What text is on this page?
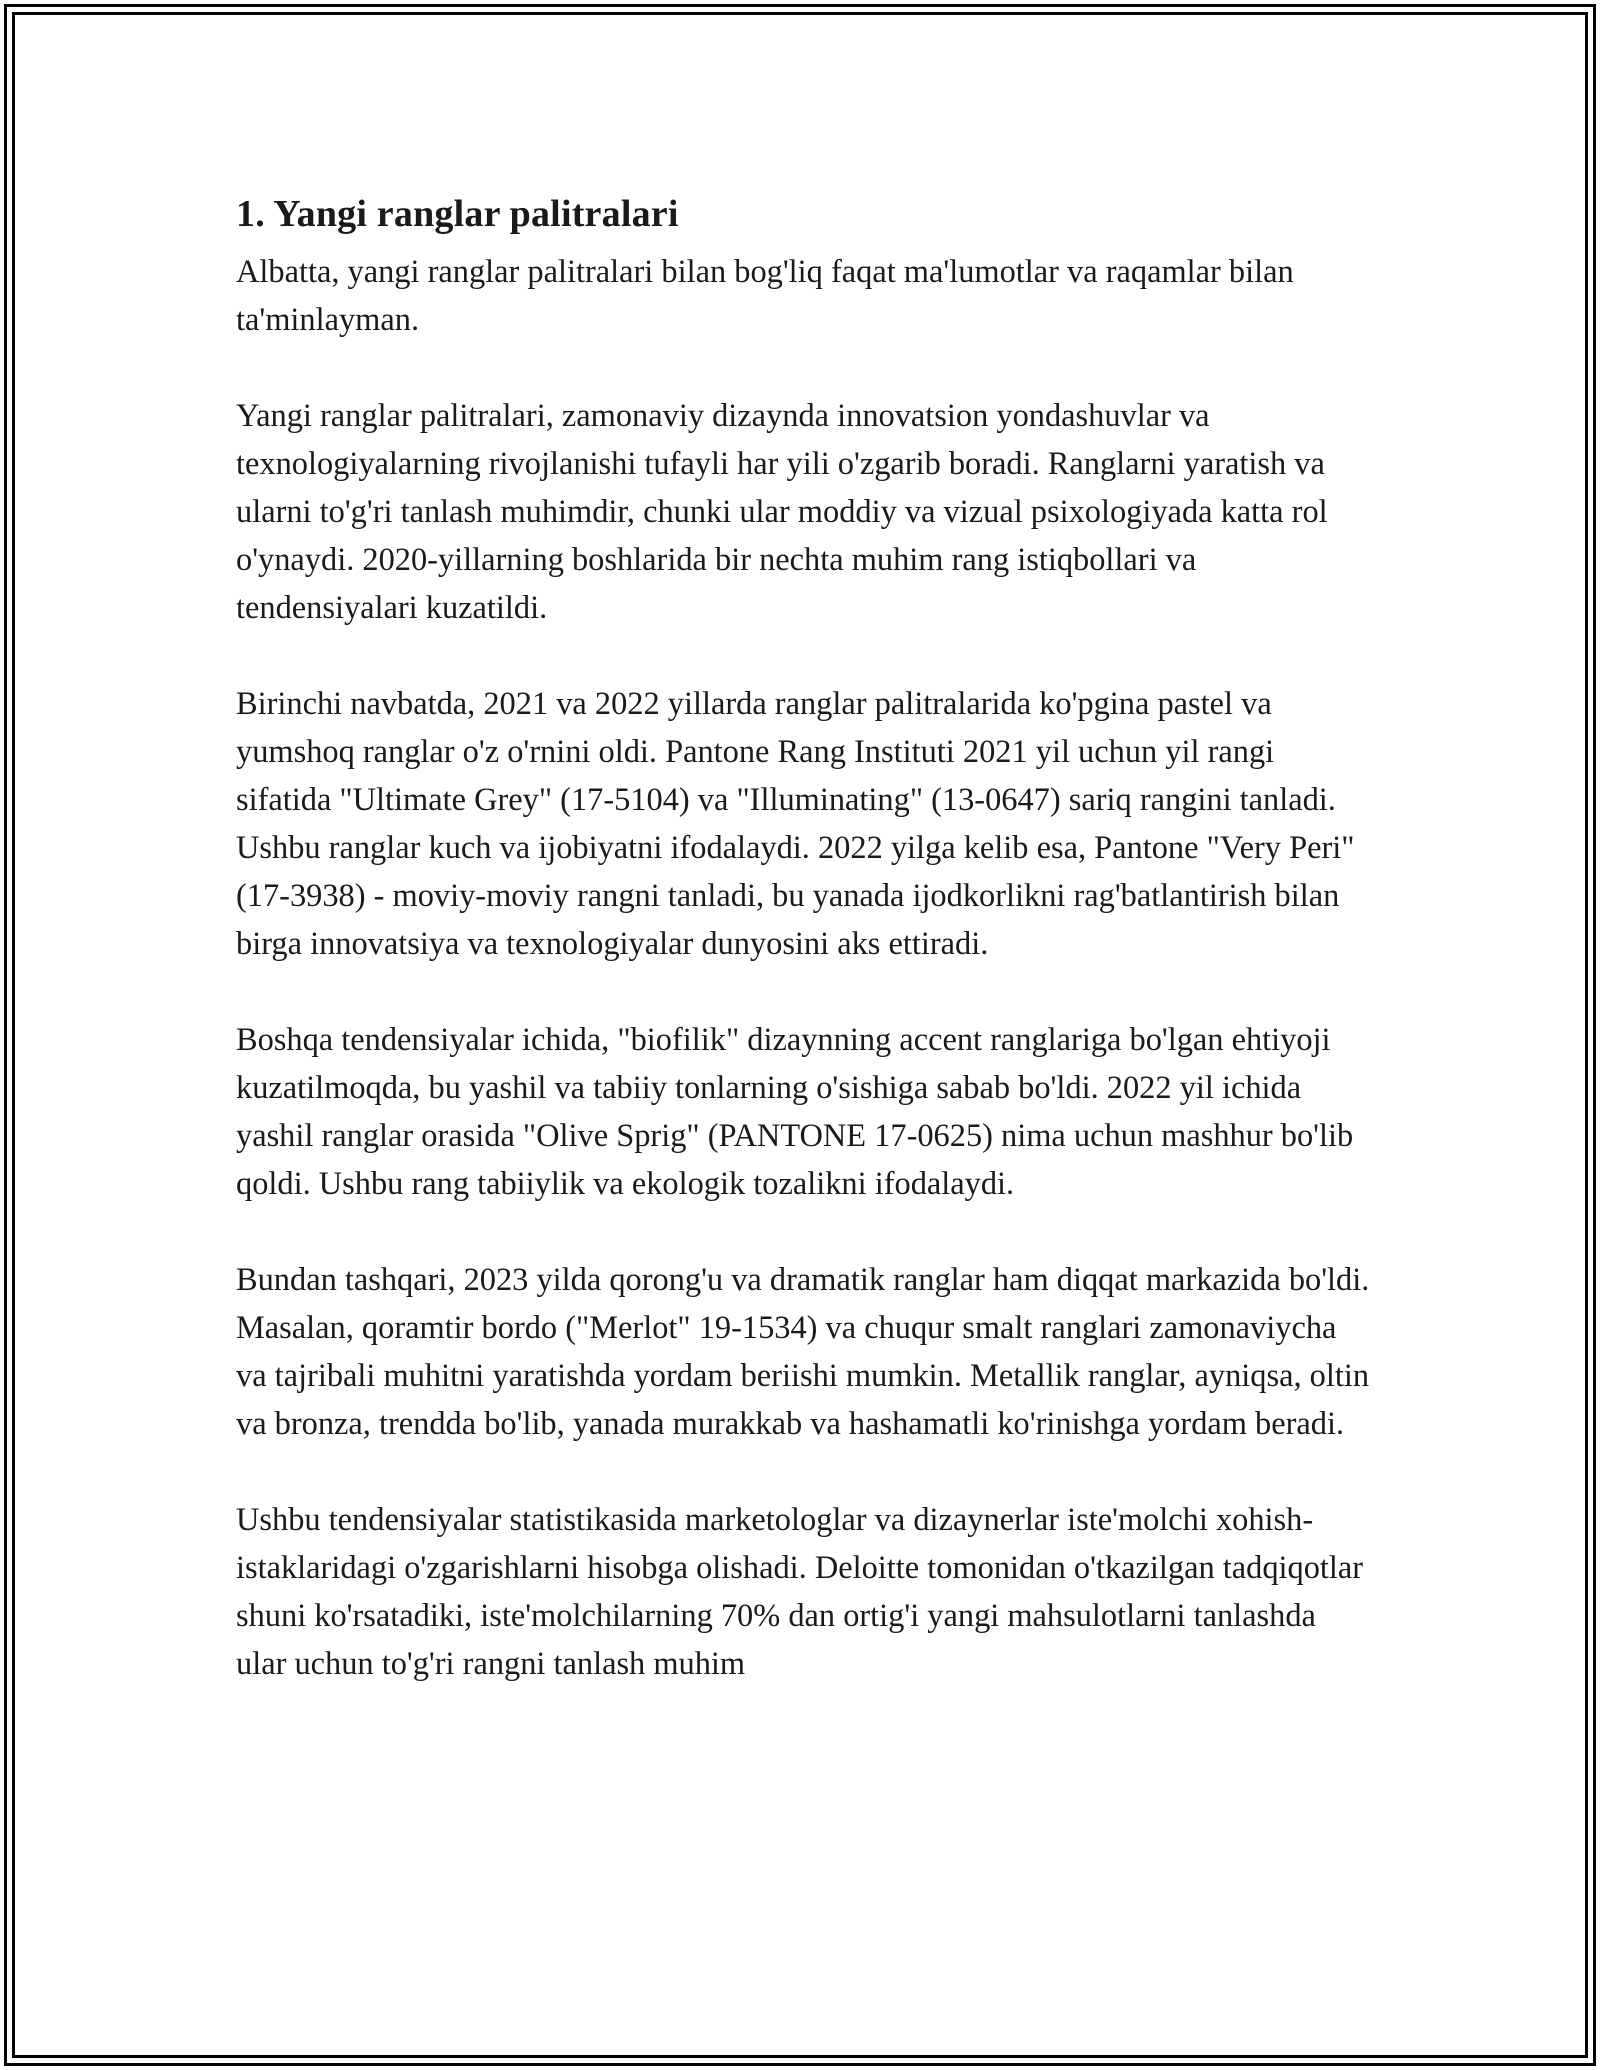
1. Yangi ranglar palitralari

Albatta, yangi ranglar palitralari bilan bog'liq faqat ma'lumotlar va raqamlar bilan ta'minlayman.

Yangi ranglar palitralari, zamonaviy dizaynda innovatsion yondashuvlar va texnologiyalarning rivojlanishi tufayli har yili o'zgarib boradi. Ranglarni yaratish va ularni to'g'ri tanlash muhimdir, chunki ular moddiy va vizual psixologiyada katta rol o'ynaydi. 2020-yillarning boshlarida bir nechta muhim rang istiqbollari va tendensiyalari kuzatildi.

Birinchi navbatda, 2021 va 2022 yillarda ranglar palitralarida ko'pgina pastel va yumshoq ranglar o'z o'rnini oldi. Pantone Rang Instituti 2021 yil uchun yil rangi sifatida "Ultimate Grey" (17-5104) va "Illuminating" (13-0647) sariq rangini tanladi. Ushbu ranglar kuch va ijobiyatni ifodalaydi. 2022 yilga kelib esa, Pantone "Very Peri" (17-3938) - moviy-moviy rangni tanladi, bu yanada ijodkorlikni rag'batlantirish bilan birga innovatsiya va texnologiyalar dunyosini aks ettiradi.

Boshqa tendensiyalar ichida, "biofilik" dizaynning accent ranglariga bo'lgan ehtiyoji kuzatilmoqda, bu yashil va tabiiy tonlarning o'sishiga sabab bo'ldi. 2022 yil ichida yashil ranglar orasida "Olive Sprig" (PANTONE 17-0625) nima uchun mashhur bo'lib qoldi. Ushbu rang tabiiylik va ekologik tozalikni ifodalaydi.

Bundan tashqari, 2023 yilda qorong'u va dramatik ranglar ham diqqat markazida bo'ldi. Masalan, qoramtir bordo ("Merlot" 19-1534) va chuqur smalt ranglari zamonaviycha va tajribali muhitni yaratishda yordam beriishi mumkin. Metallik ranglar, ayniqsa, oltin va bronza, trendda bo'lib, yanada murakkab va hashamatli ko'rinishga yordam beradi.

Ushbu tendensiyalar statistikasida marketologlar va dizaynerlar iste'molchi xohish-istaklaridagi o'zgarishlarni hisobga olishadi. Deloitte tomonidan o'tkazilgan tadqiqotlar shuni ko'rsatadiki, iste'molchilarning 70% dan ortig'i yangi mahsulotlarni tanlashda ular uchun to'g'ri rangni tanlash muhim
